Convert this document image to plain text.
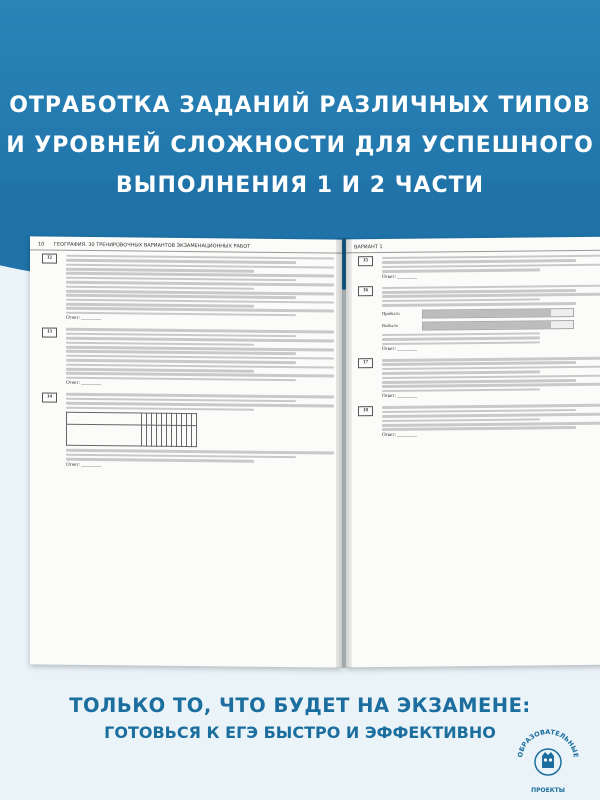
ОТРАБОТКА ЗАДАНИЙ РАЗЛИЧНЫХ ТИПОВ
И УРОВНЕЙ СЛОЖНОСТИ ДЛЯ УСПЕШНОГО
ВЫПОЛНЕНИЯ 1 И 2 ЧАСТИ
10 ГЕОГРАФИЯ. 30 ТРЕНИРОВОЧНЫХ ВАРИАНТОВ ЭКЗАМЕНАЦИОННЫХ РАБОТ
12
Ответ: ________
13
Ответ: ________
14

Ответ: ________
ВАРИАНТ 1
15
Ответ: ________
16
Прибыло
Выбыло
Ответ: ________
17
Ответ: ________
18
Ответ: ________
ТОЛЬКО ТО, ЧТО БУДЕТ НА ЭКЗАМЕНЕ:
ГОТОВЬСЯ К ЕГЭ БЫСТРО И ЭФФЕКТИВНО
ОБРАЗОВАТЕЛЬНЫЕ
ПРОЕКТЫ
